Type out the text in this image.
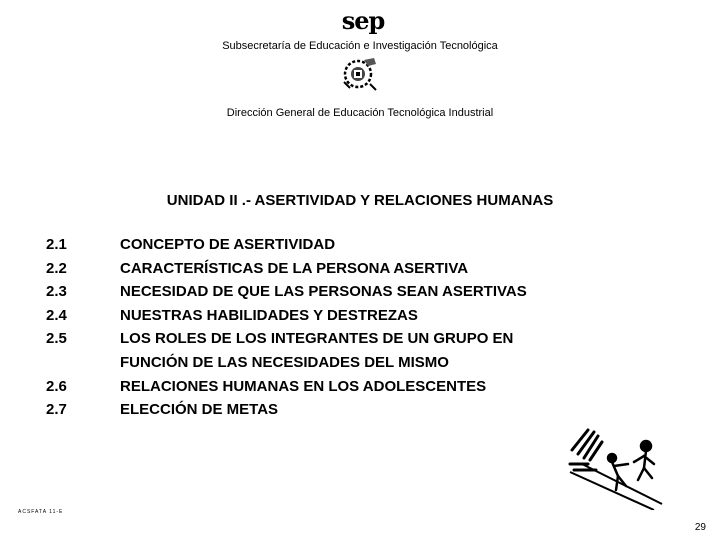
sep
Subsecretaría de Educación e Investigación Tecnológica
Dirección General de Educación Tecnológica Industrial
UNIDAD II .- ASERTIVIDAD Y RELACIONES HUMANAS
2.1	CONCEPTO DE ASERTIVIDAD
2.2	CARACTERÍSTICAS DE LA PERSONA ASERTIVA
2.3	NECESIDAD DE QUE LAS PERSONAS SEAN ASERTIVAS
2.4	NUESTRAS HABILIDADES Y DESTREZAS
2.5	LOS ROLES DE LOS INTEGRANTES DE UN GRUPO EN
FUNCIÓN DE LAS NECESIDADES DEL MISMO
2.6	RELACIONES HUMANAS EN LOS ADOLESCENTES
2.7	ELECCIÓN DE METAS
ACSFATA 11-E
29
